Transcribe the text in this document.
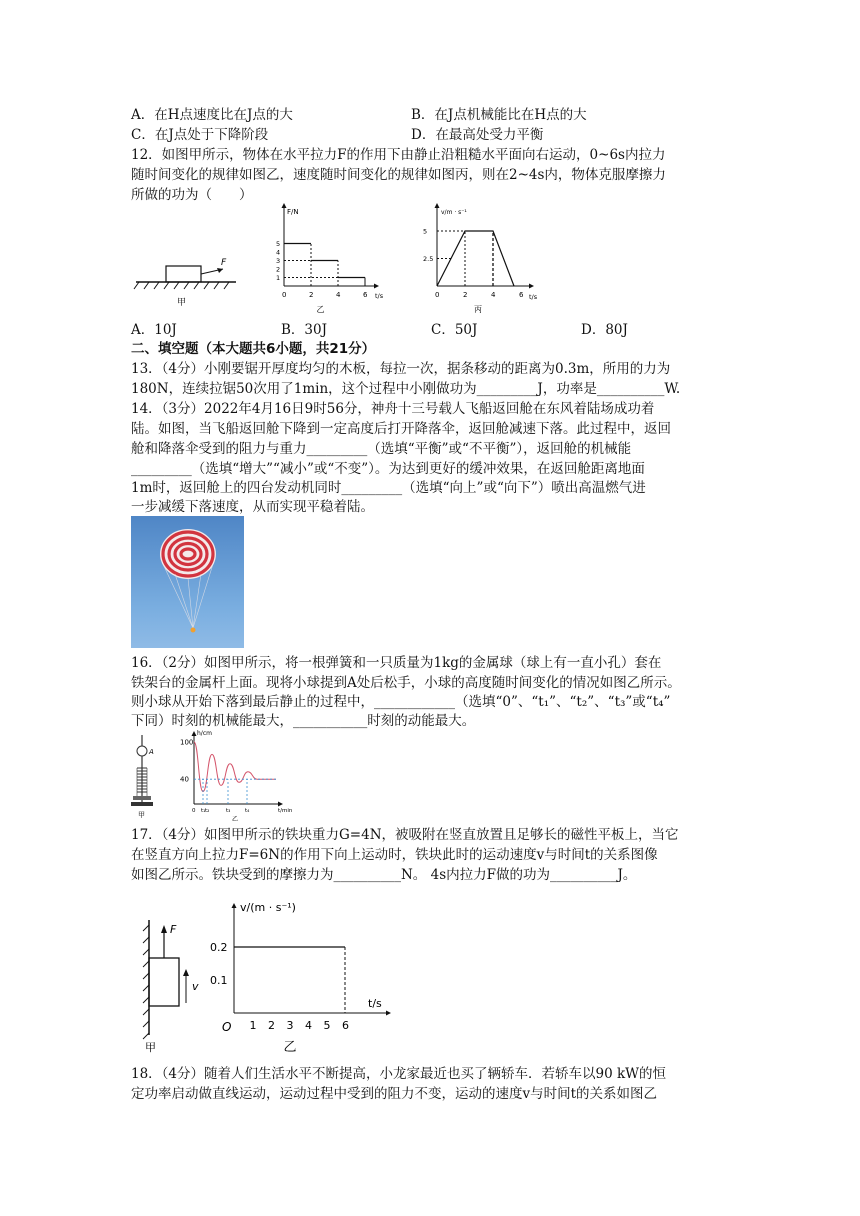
A．在H点速度比在J点的大	B．在J点机械能比在H点的大
C．在J点处于下降阶段	D．在最高处受力平衡
12．如图甲所示，物体在水平拉力F的作用下由静止沿粗糙水平面向右运动，0~6s内拉力
随时间变化的规律如图乙，速度随时间变化的规律如图丙，则在2~4s内，物体克服摩擦力
所做的功为（　　）
F
甲
F/N
t/s
1
2
3
4
5
0	2	4	6
乙
v/m · s⁻¹
t/s
2.5
5
0	2	4	6
丙
A．10J	B．30J	C．50J	D．80J
二、填空题（本大题共6小题，共21分）
13．（4分）小刚要锯开厚度均匀的木板，每拉一次，据条移动的距离为0.3m，所用的力为
180N，连续拉锯50次用了1min，这个过程中小刚做功为_________J，功率是__________W.
14．（3分）2022年4月16日9时56分，神舟十三号载人飞船返回舱在东风着陆场成功着
陆。如图，当飞船返回舱下降到一定高度后打开降落伞，返回舱减速下落。此过程中，返回
舱和降落伞受到的阻力与重力_________（选填“平衡”或“不平衡”），返回舱的机械能
_________（选填“增大”“减小”或“不变”）。为达到更好的缓冲效果，在返回舱距离地面
1m时，返回舱上的四台发动机同时_________（选填“向上”或“向下”）喷出高温燃气进
一步减缓下落速度，从而实现平稳着陆。
16．（2分）如图甲所示，将一根弹簧和一只质量为1kg的金属球（球上有一直小孔）套在
铁架台的金属杆上面。现将小球提到A处后松手，小球的高度随时间变化的情况如图乙所示。
则小球从开始下落到最后静止的过程中，____________（选填“0”、“t₁”、“t₂”、“t₃”或“t₄”
下同）时刻的机械能最大，___________时刻的动能最大。
A
甲
h/cm
t/min
40
100
0 t₁ t₂	t₃	t₄
乙
17．（4分）如图甲所示的铁块重力G=4N，被吸附在竖直放置且足够长的磁性平板上，当它
在竖直方向上拉力F=6N的作用下向上运动时，铁块此时的运动速度v与时间t的关系图像
如图乙所示。铁块受到的摩擦力为__________N。 4s内拉力F做的功为__________J。
F
v
甲
v/(m · s⁻¹)
t/s
O
0.1
0.2
1 2 3 4 5 6
乙
18．（4分）随着人们生活水平不断提高，小龙家最近也买了辆轿车．若轿车以90 kW的恒
定功率启动做直线运动，运动过程中受到的阻力不变，运动的速度v与时间t的关系如图乙
